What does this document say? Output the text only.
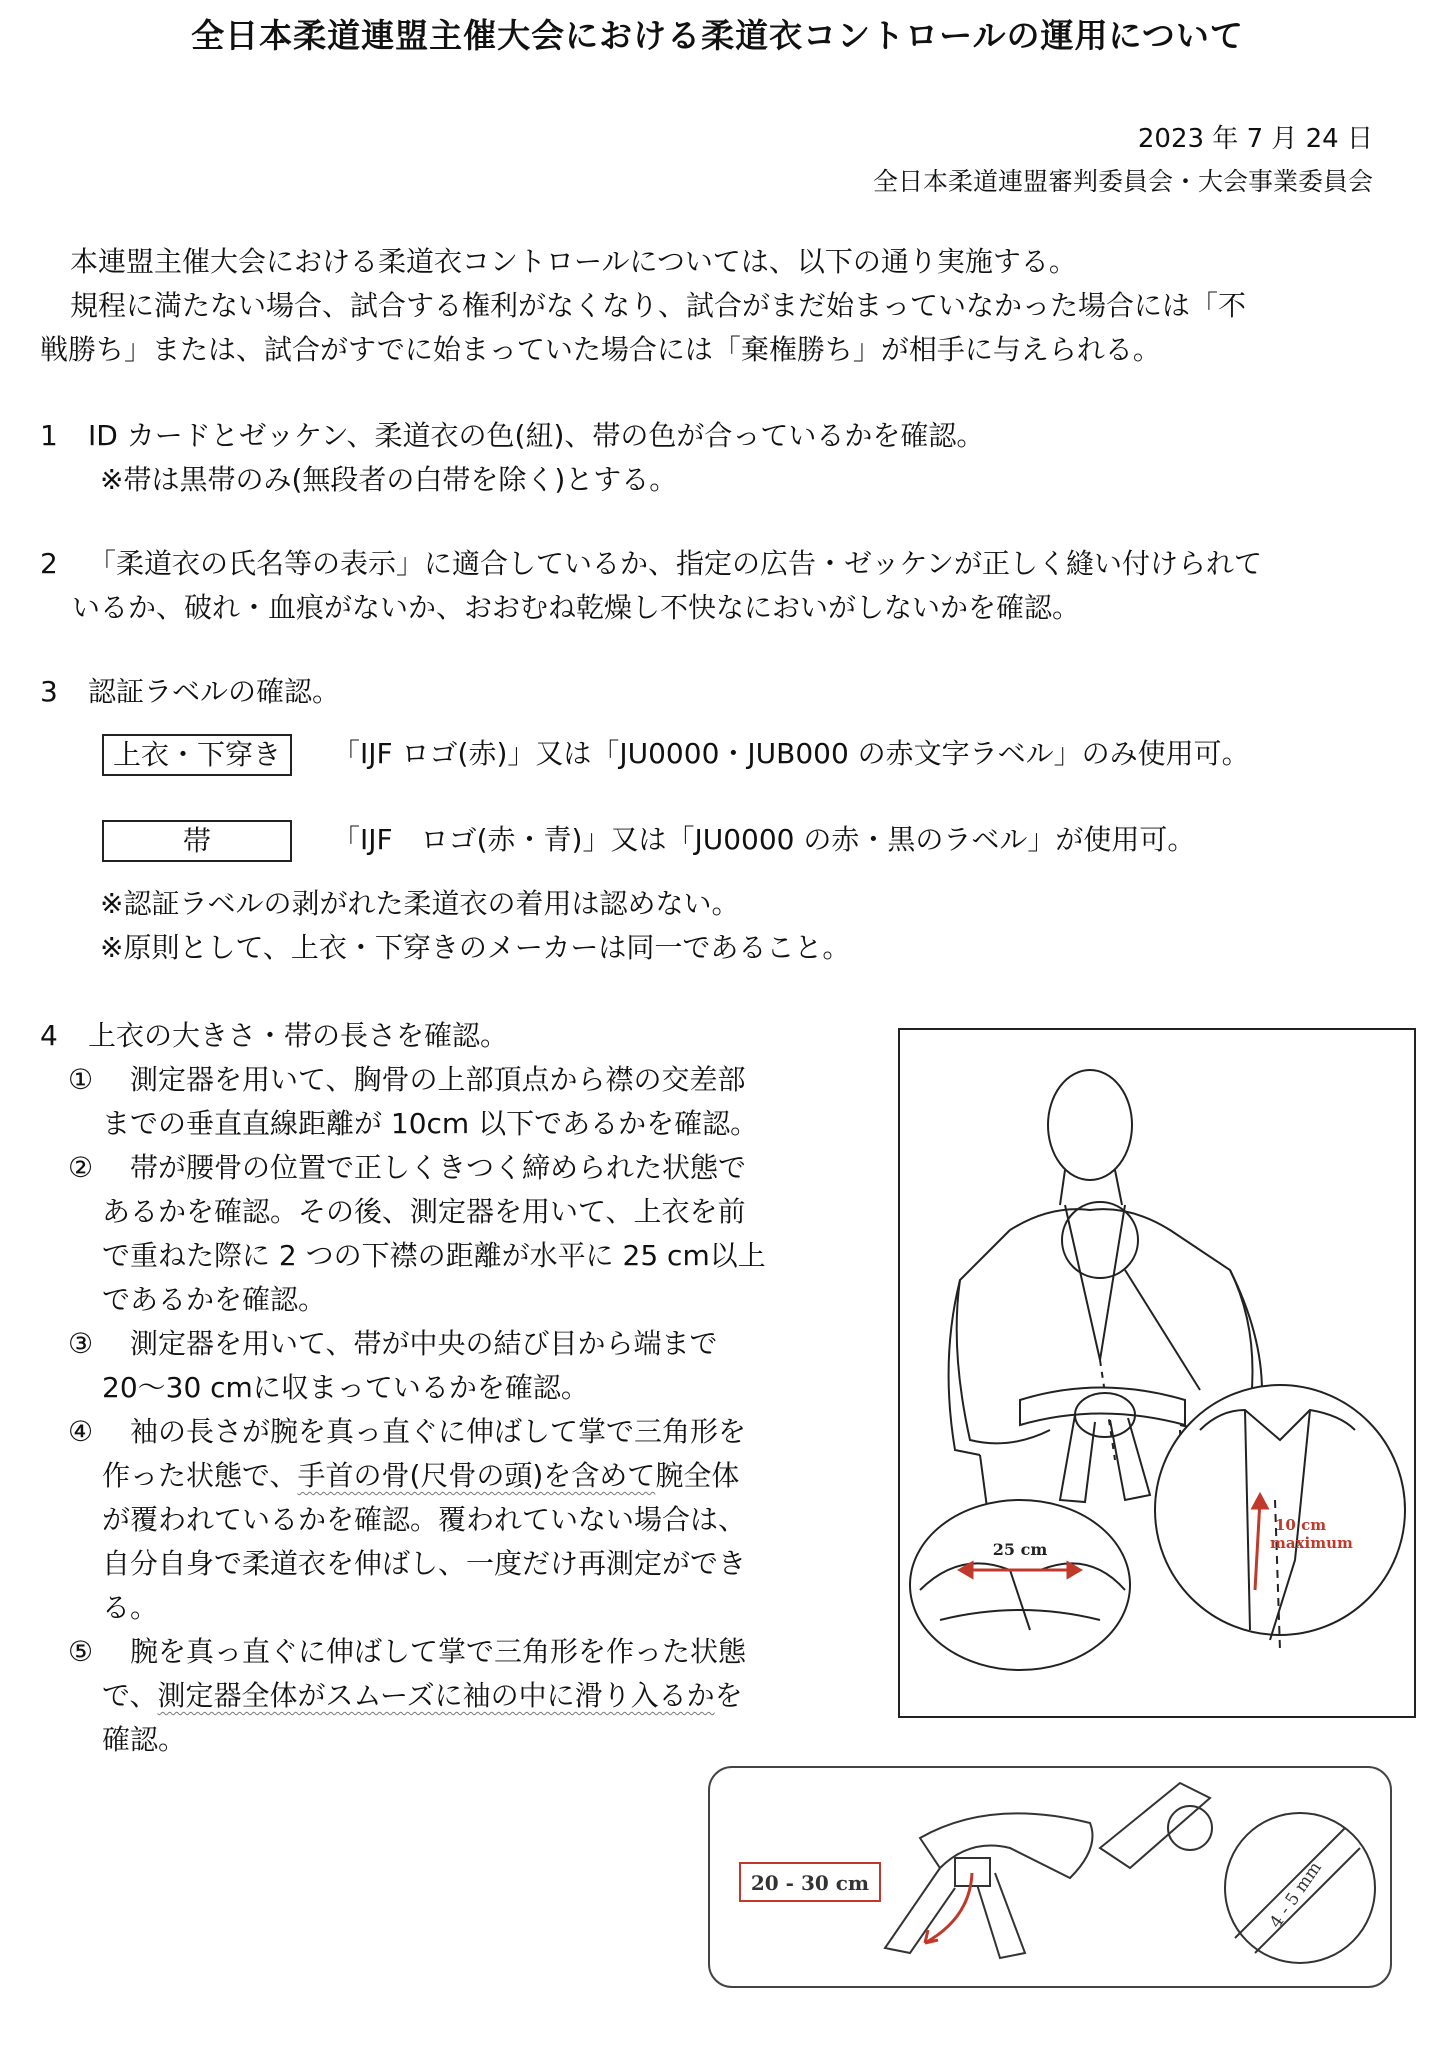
全日本柔道連盟主催大会における柔道衣コントロールの運用について
2023 年 7 月 24 日
全日本柔道連盟審判委員会・大会事業委員会
本連盟主催大会における柔道衣コントロールについては、以下の通り実施する。
規程に満たない場合、試合する権利がなくなり、試合がまだ始まっていなかった場合には「不
戦勝ち」または、試合がすでに始まっていた場合には「棄権勝ち」が相手に与えられる。
1 ID カードとゼッケン、柔道衣の色(紐)、帯の色が合っているかを確認。
※帯は黒帯のみ(無段者の白帯を除く)とする。
2 「柔道衣の氏名等の表示」に適合しているか、指定の広告・ゼッケンが正しく縫い付けられて
いるか、破れ・血痕がないか、おおむね乾燥し不快なにおいがしないかを確認。
3 認証ラベルの確認。
上衣・下穿き	「IJF ロゴ(赤)」又は「JU0000・JUB000 の赤文字ラベル」のみ使用可。
帯	「IJF　ロゴ(赤・青)」又は「JU0000 の赤・黒のラベル」が使用可。
※認証ラベルの剥がれた柔道衣の着用は認めない。
※原則として、上衣・下穿きのメーカーは同一であること。
4 上衣の大きさ・帯の長さを確認。
① 測定器を用いて、胸骨の上部頂点から襟の交差部
までの垂直直線距離が 10cm 以下であるかを確認。
② 帯が腰骨の位置で正しくきつく締められた状態で
あるかを確認。その後、測定器を用いて、上衣を前
で重ねた際に 2 つの下襟の距離が水平に 25 cm以上
であるかを確認。
③ 測定器を用いて、帯が中央の結び目から端まで
20～30 cmに収まっているかを確認。
④ 袖の長さが腕を真っ直ぐに伸ばして掌で三角形を
作った状態で、手首の骨(尺骨の頭)を含めて腕全体
が覆われているかを確認。覆われていない場合は、
自分自身で柔道衣を伸ばし、一度だけ再測定ができ
る。
⑤ 腕を真っ直ぐに伸ばして掌で三角形を作った状態
で、測定器全体がスムーズに袖の中に滑り入るかを
確認。
25 cm
10 cm
maximum
20 - 30 cm	4 - 5 mm
